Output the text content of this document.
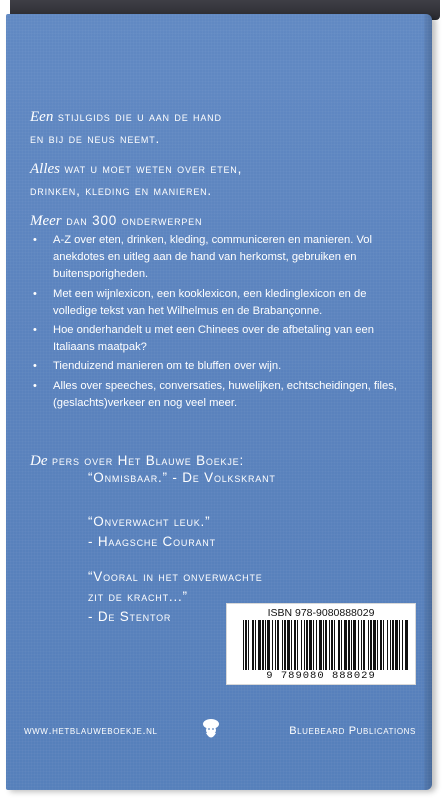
Een stijlgids die u aan de hand
en bij de neus neemt.
Alles wat u moet weten over eten,
drinken, kleding en manieren.
Meer dan 300 onderwerpen
• A-Z over eten, drinken, kleding, communiceren en manieren. Vol anekdotes en uitleg aan de hand van herkomst, gebruiken en buitensporigheden.
• Met een wijnlexicon, een kooklexicon, een kledinglexicon en de volledige tekst van het Wilhelmus en de Brabançonne.
• Hoe onderhandelt u met een Chinees over de afbetaling van een Italiaans maatpak?
• Tienduizend manieren om te bluffen over wijn.
• Alles over speeches, conversaties, huwelijken, echtscheidingen, files, (geslachts)verkeer en nog veel meer.
De pers over Het Blauwe Boekje:
“Onmisbaar.” - De Volkskrant
“Onverwacht leuk.”
- Haagsche Courant
“Vooral in het onverwachte
zit de kracht...”
- De Stentor	ISBN 978-9080888029
9 789080 888029
www.hetblauweboekje.nl	Bluebeard Publications
